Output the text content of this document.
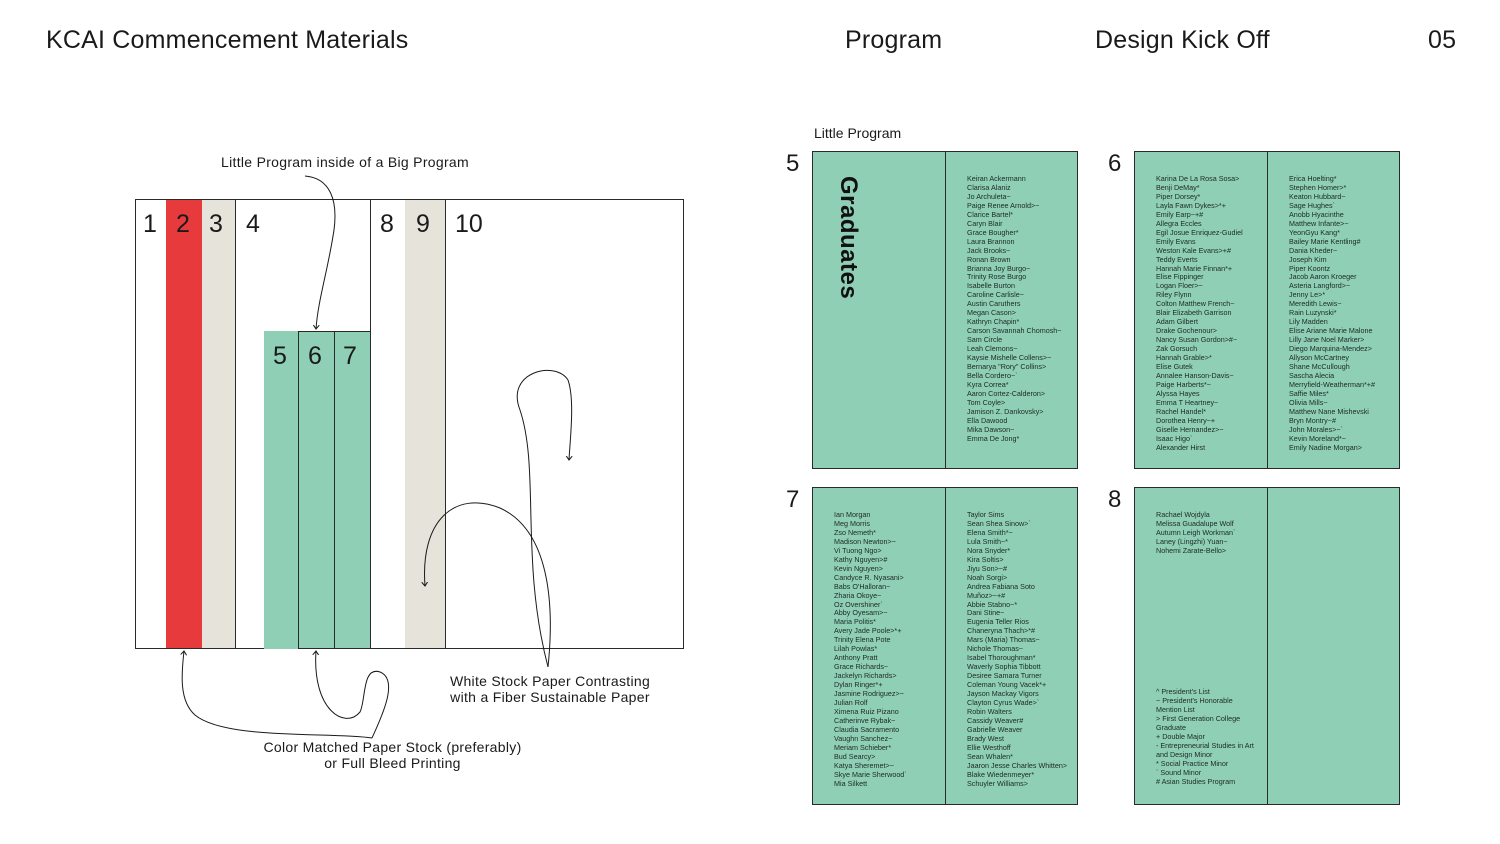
KCAI Commencement Materials	Program	Design Kick Off	05
Little Program inside of a Big Program
1 2 3 4	8 9 10
5 6 7
White Stock Paper Contrasting
with a Fiber Sustainable Paper
Color Matched Paper Stock (preferably)
or Full Bleed Printing
Little Program
5
Graduates	Keiran Ackermann
Clarisa Alaniz
Jo Archuleta~
Paige Renee Arnold>~
Clarice Bartel*
Caryn Blair
Grace Bougher*
Laura Brannon
Jack Brooks~
Ronan Brown
Brianna Joy Burgo~
Trinity Rose Burgo
Isabelle Burton
Caroline Carlisle~
Austin Caruthers
Megan Cason>
Kathryn Chapin*
Carson Savannah Chomosh~
Sam Circle
Leah Clemons~
Kaysie Mishelle Collens>~
Bernarya "Rory" Collins>
Bella Cordero~`
Kyra Correa*
Aaron Cortez-Calderon>
Tom Coyle>
Jamison Z. Dankovsky>
Ella Dawood
Mika Dawson~
Emma De Jong*
6
Karina De La Rosa Sosa>
Benji DeMay*
Piper Dorsey*
Layla Fawn Dykes>*+
Emily Earp~+#
Allegra Eccles
Egil Josue Enriquez-Gudiel
Emily Evans
Weston Kale Evans>+#
Teddy Everts
Hannah Marie Finnan*+
Elise Fippinger
Logan Floer>~
Riley Flynn
Colton Matthew French~
Blair Elizabeth Garrison
Adam Gilbert
Drake Gochenour>
Nancy Susan Gordon>#~
Zak Gorsuch
Hannah Grable>*
Elise Gutek
Annalee Hanson-Davis~
Paige Harberts*~
Alyssa Hayes
Emma T Heartney~
Rachel Handel*
Dorothea Henry~+
Giselle Hernandez>~
Isaac Higo`
Alexander Hirst
Erica Hoelting*
Stephen Homer>*
Keaton Hubbard~
Sage Hughes`
Anobb Hyacinthe
Matthew Infante>~
YeonGyu Kang*
Bailey Marie Kentling#
Dania Kheder~
Joseph Kim
Piper Koontz
Jacob Aaron Kroeger
Asteria Langford>~
Jenny Le>*
Meredith Lewis~
Rain Luzynski*
Lily Madden
Elise Ariane Marie Malone
Lilly Jane Noel Marker>
Diego Marquina-Mendez>
Allyson McCartney
Shane McCullough
Sascha Alecia
Merryfield-Weatherman*+#
Saffie Miles*
Olivia Mills~
Matthew Nane Mishevski
Bryn Montry~#
John Morales>~`
Kevin Moreland*~
Emily Nadine Morgan>
7
Ian Morgan
Meg Morris
Zso Nemeth*
Madison Newton>~
Vi Tuong Ngo>
Kathy Nguyen>#
Kevin Nguyen>
Candyce R. Nyasani>
Babs O'Halloran~
Zharia Okoye~
Oz Overshiner`
Abby Oyesam>~
Maria Politis*
Avery Jade Poole>*+
Trinity Elena Pote
Lilah Powlas*
Anthony Pratt
Grace Richards~
Jackelyn Richards>
Dylan Ringer*+
Jasmine Rodriguez>~
Julian Rolf
Ximena Ruiz Pizano
Catherinve Rybak~
Claudia Sacramento
Vaughn Sanchez~
Meriam Schieber*
Bud Searcy>
Katya Sheremet>~
Skye Marie Sherwood`
Mia Silkett
Taylor Sims
Sean Shea Sinow>`
Elena Smith*~
Lula Smith~*
Nora Snyder*
Kira Soltis>
Jiyu Son>~#
Noah Sorgi>
Andrea Fabiana Soto
Muñoz>~+#
Abbie Stabno~*
Dani Stine~
Eugenia Teller Rios
Chaneryna Thach>*#
Mars (Maria) Thomas~
Nichole Thomas~
Isabel Thoroughman*
Waverly Sophia Tibbott
Desiree Samara Turner
Coleman Young Vacek*+
Jayson Mackay Vigors
Clayton Cyrus Wade>`
Robin Walters
Cassidy Weaver#
Gabrielle Weaver
Brady West
Ellie Westhoff
Sean Whalen*
Jaaron Jesse Charles Whitten>
Blake Wiedenmeyer*
Schuyler Williams>
8
Rachael Wojdyla
Melissa Guadalupe Wolf
Autumn Leigh Workman`
Laney (Lingzhi) Yuan~
Nohemi Zarate-Bello>
^ President's List
~ President's Honorable
Mention List
> First Generation College
Graduate
+ Double Major
- Entrepreneurial Studies in Art
and Design Minor
* Social Practice Minor
` Sound Minor
# Asian Studies Program
